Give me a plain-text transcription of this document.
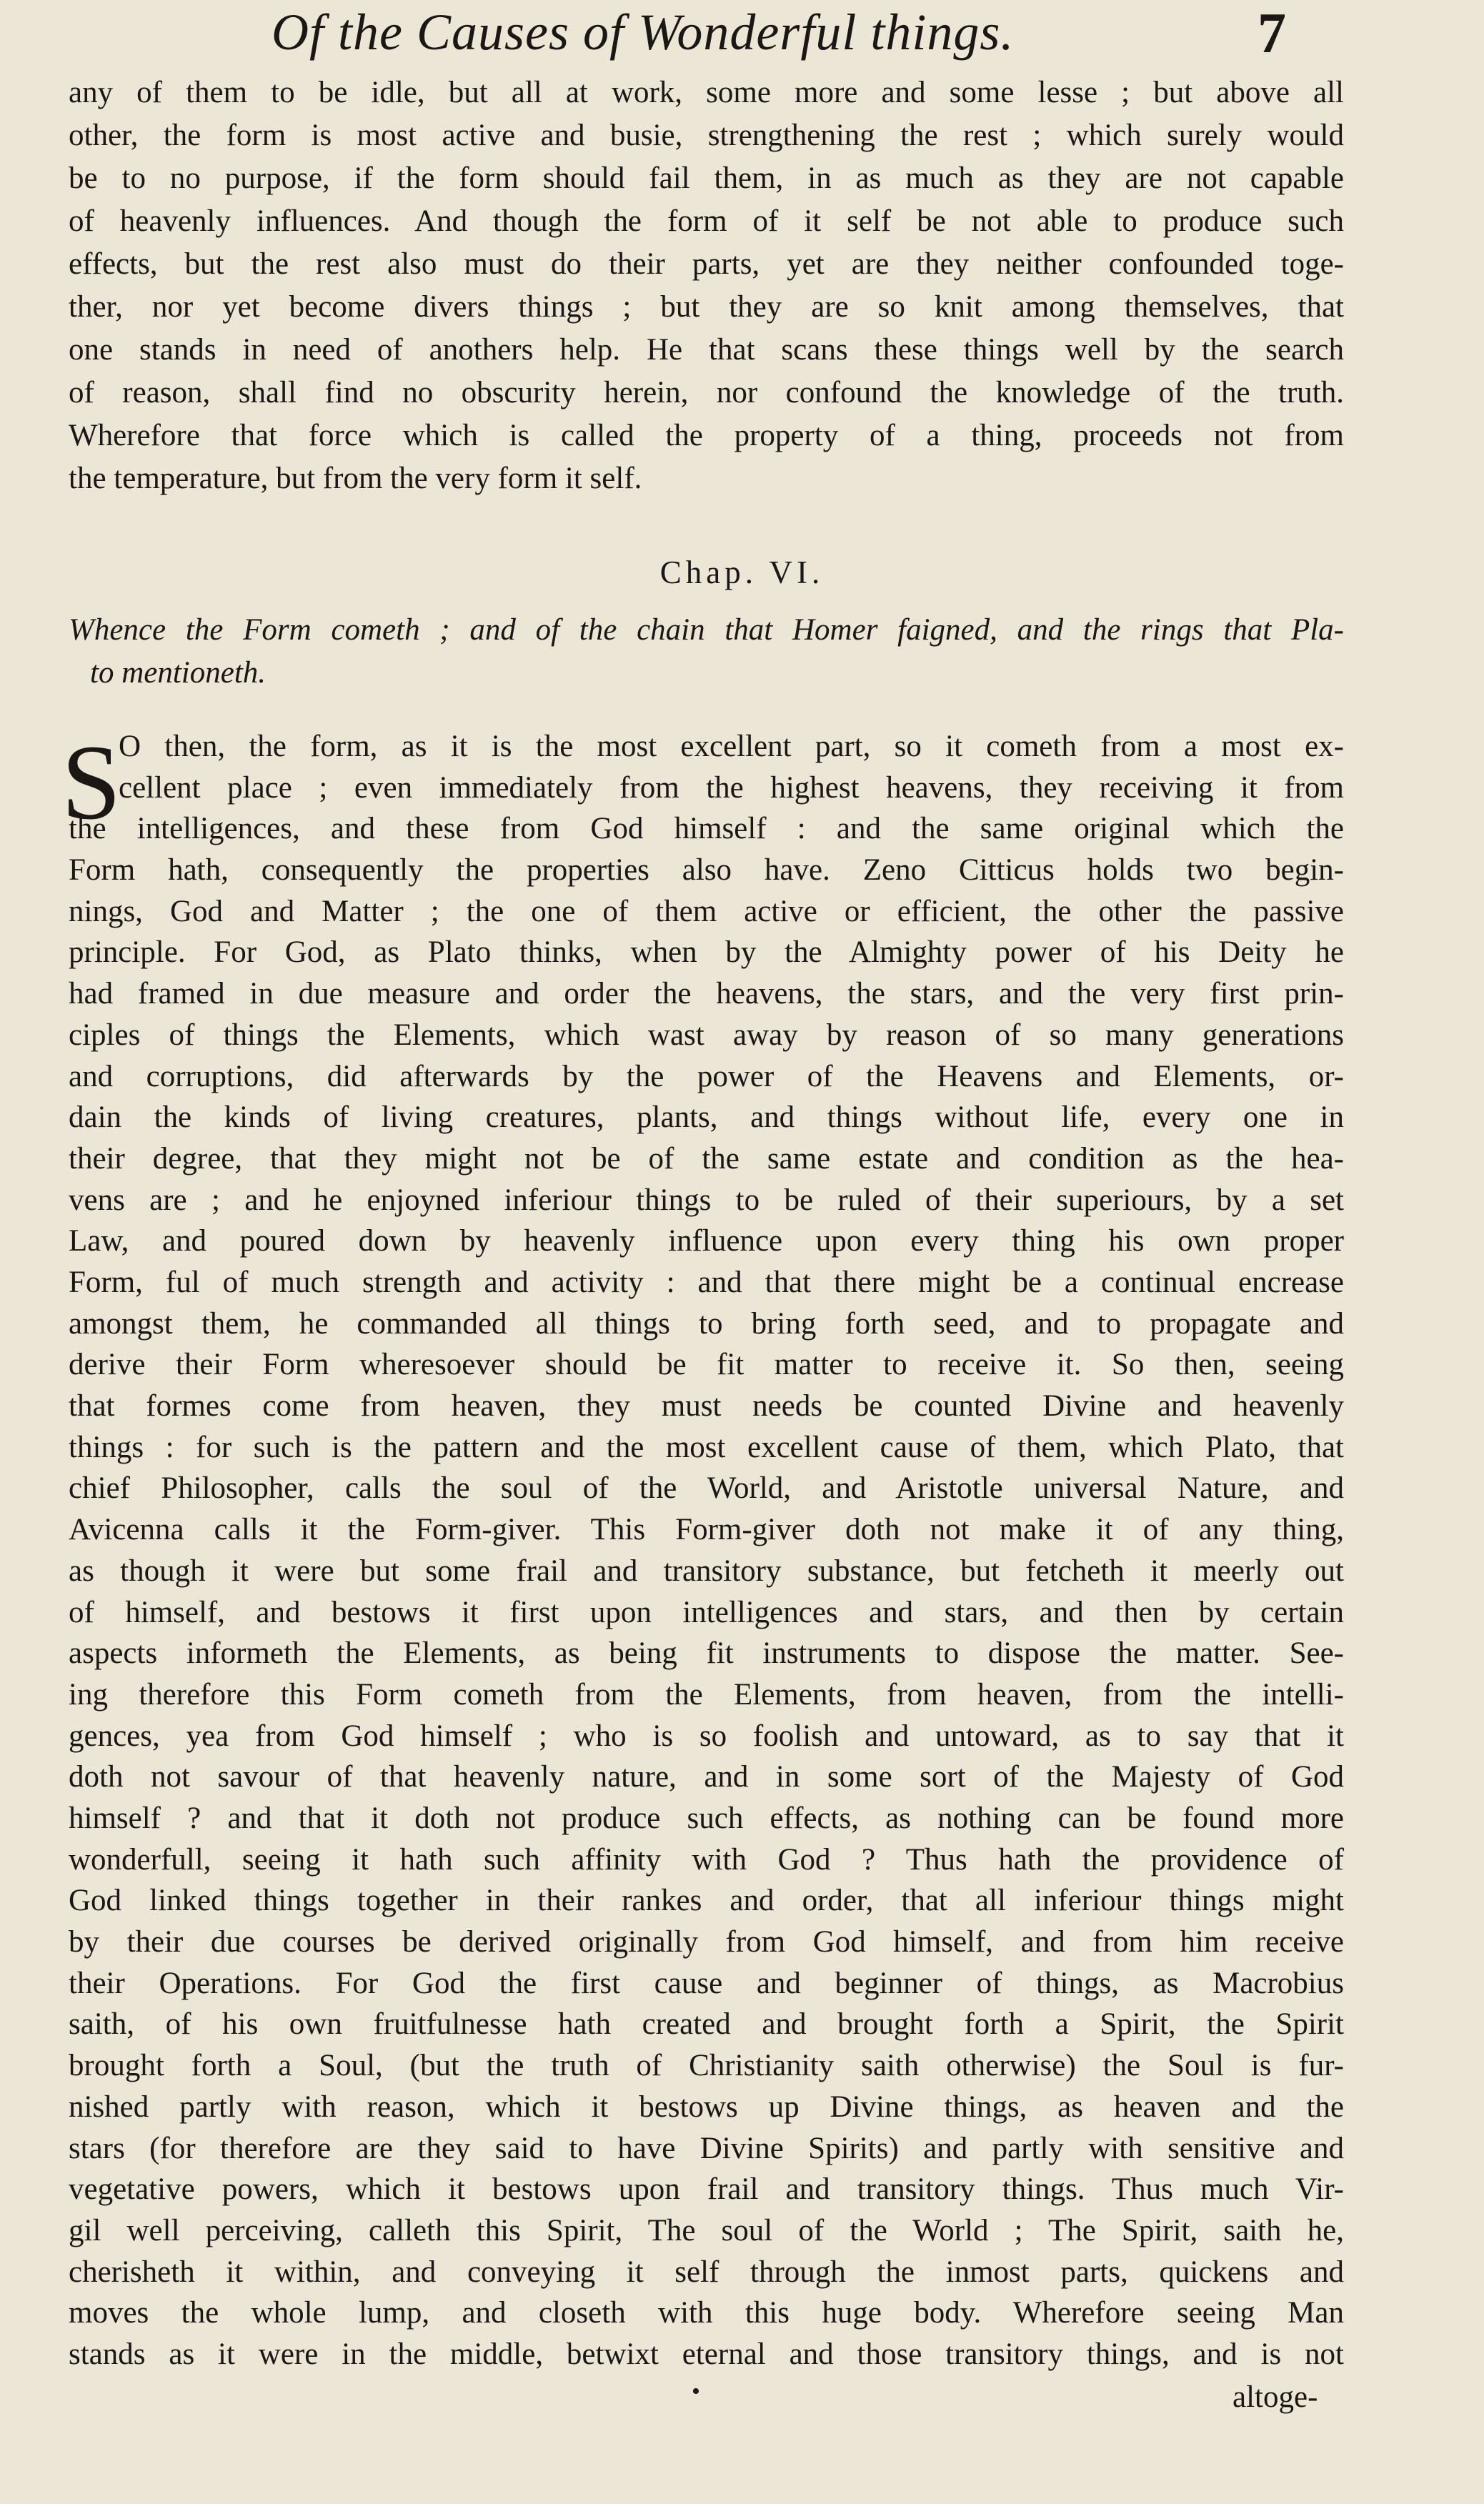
Of the Causes of Wonderful things.	7
any of them to be idle, but all at work, some more and some lesse ; but above all
other, the form is most active and busie, strengthening the rest ; which surely would
be to no purpose, if the form should fail them, in as much as they are not capable
of heavenly influences. And though the form of it self be not able to produce such
effects, but the rest also must do their parts, yet are they neither confounded toge-
ther, nor yet become divers things ; but they are so knit among themselves, that
one stands in need of anothers help. He that scans these things well by the search
of reason, shall find no obscurity herein, nor confound the knowledge of the truth.
Wherefore that force which is called the property of a thing, proceeds not from
the temperature, but from the very form it self.
Chap. VI.
Whence the Form cometh ; and of the chain that Homer faigned, and the rings that Pla-
to mentioneth.
S
O then, the form, as it is the most excellent part, so it cometh from a most ex-
cellent place ; even immediately from the highest heavens, they receiving it from
the intelligences, and these from God himself : and the same original which the
Form hath, consequently the properties also have. Zeno Citticus holds two begin-
nings, God and Matter ; the one of them active or efficient, the other the passive
principle. For God, as Plato thinks, when by the Almighty power of his Deity he
had framed in due measure and order the heavens, the stars, and the very first prin-
ciples of things the Elements, which wast away by reason of so many generations
and corruptions, did afterwards by the power of the Heavens and Elements, or-
dain the kinds of living creatures, plants, and things without life, every one in
their degree, that they might not be of the same estate and condition as the hea-
vens are ; and he enjoyned inferiour things to be ruled of their superiours, by a set
Law, and poured down by heavenly influence upon every thing his own proper
Form, ful of much strength and activity : and that there might be a continual encrease
amongst them, he commanded all things to bring forth seed, and to propagate and
derive their Form wheresoever should be fit matter to receive it. So then, seeing
that formes come from heaven, they must needs be counted Divine and heavenly
things : for such is the pattern and the most excellent cause of them, which Plato, that
chief Philosopher, calls the soul of the World, and Aristotle universal Nature, and
Avicenna calls it the Form-giver. This Form-giver doth not make it of any thing,
as though it were but some frail and transitory substance, but fetcheth it meerly out
of himself, and bestows it first upon intelligences and stars, and then by certain
aspects informeth the Elements, as being fit instruments to dispose the matter. See-
ing therefore this Form cometh from the Elements, from heaven, from the intelli-
gences, yea from God himself ; who is so foolish and untoward, as to say that it
doth not savour of that heavenly nature, and in some sort of the Majesty of God
himself ? and that it doth not produce such effects, as nothing can be found more
wonderfull, seeing it hath such affinity with God ? Thus hath the providence of
God linked things together in their rankes and order, that all inferiour things might
by their due courses be derived originally from God himself, and from him receive
their Operations. For God the first cause and beginner of things, as Macrobius
saith, of his own fruitfulnesse hath created and brought forth a Spirit, the Spirit
brought forth a Soul, (but the truth of Christianity saith otherwise) the Soul is fur-
nished partly with reason, which it bestows up Divine things, as heaven and the
stars (for therefore are they said to have Divine Spirits) and partly with sensitive and
vegetative powers, which it bestows upon frail and transitory things. Thus much Vir-
gil well perceiving, calleth this Spirit, The soul of the World ; The Spirit, saith he,
cherisheth it within, and conveying it self through the inmost parts, quickens and
moves the whole lump, and closeth with this huge body. Wherefore seeing Man
stands as it were in the middle, betwixt eternal and those transitory things, and is not
•	altoge-
